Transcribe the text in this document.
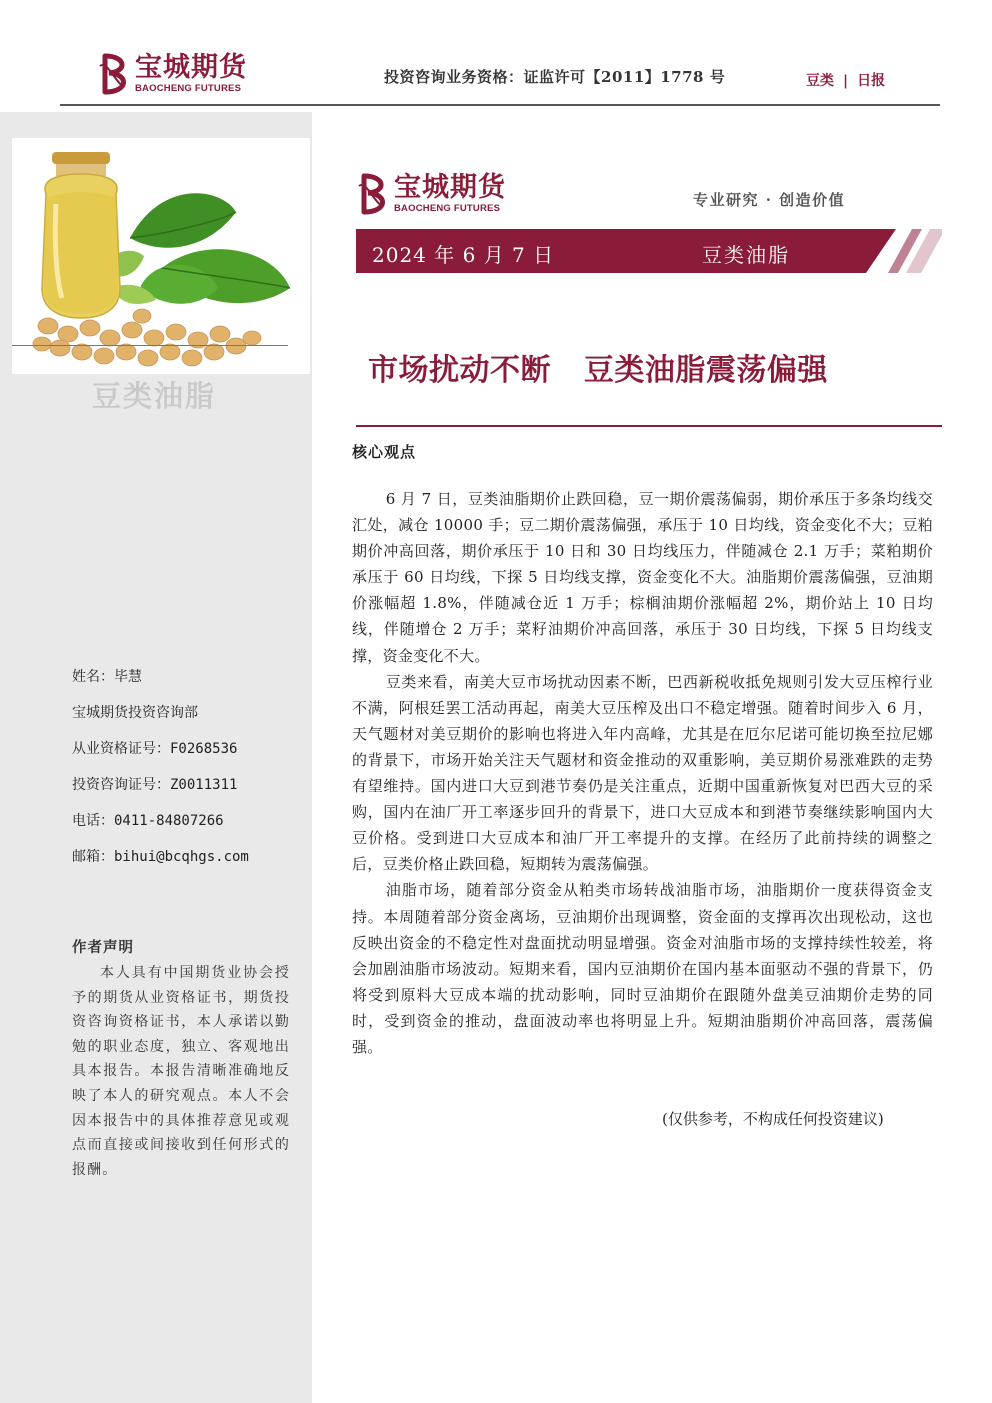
宝城期货
BAOCHENG FUTURES
投资咨询业务资格：证监许可【2011】1778 号	豆类 | 日报
豆类油脂
姓名：毕慧
宝城期货投资咨询部
从业资格证号：F0268536
投资咨询证号：Z0011311
电话：0411-84807266
邮箱：bihui@bcqhgs.com
作者声明
本人具有中国期货业协会授予的期货从业资格证书，期货投资咨询资格证书，本人承诺以勤勉的职业态度，独立、客观地出具本报告。本报告清晰准确地反映了本人的研究观点。本人不会因本报告中的具体推荐意见或观点而直接或间接收到任何形式的报酬。
宝城期货
BAOCHENG FUTURES	专业研究 · 创造价值
2024 年 6 月 7 日	豆类油脂
市场扰动不断   豆类油脂震荡偏强
核心观点

6 月 7 日，豆类油脂期价止跌回稳，豆一期价震荡偏弱，期价承压于多条均线交汇处，减仓 10000 手；豆二期价震荡偏强，承压于 10 日均线，资金变化不大；豆粕期价冲高回落，期价承压于 10 日和 30 日均线压力，伴随减仓 2.1 万手；菜粕期价承压于 60 日均线，下探 5 日均线支撑，资金变化不大。油脂期价震荡偏强，豆油期价涨幅超 1.8%，伴随减仓近 1 万手；棕榈油期价涨幅超 2%，期价站上 10 日均线，伴随增仓 2 万手；菜籽油期价冲高回落，承压于 30 日均线，下探 5 日均线支撑，资金变化不大。

豆类来看，南美大豆市场扰动因素不断，巴西新税收抵免规则引发大豆压榨行业不满，阿根廷罢工活动再起，南美大豆压榨及出口不稳定增强。随着时间步入 6 月，天气题材对美豆期价的影响也将进入年内高峰，尤其是在厄尔尼诺可能切换至拉尼娜的背景下，市场开始关注天气题材和资金推动的双重影响，美豆期价易涨难跌的走势有望维持。国内进口大豆到港节奏仍是关注重点，近期中国重新恢复对巴西大豆的采购，国内在油厂开工率逐步回升的背景下，进口大豆成本和到港节奏继续影响国内大豆价格。受到进口大豆成本和油厂开工率提升的支撑。在经历了此前持续的调整之后，豆类价格止跌回稳，短期转为震荡偏强。

油脂市场，随着部分资金从粕类市场转战油脂市场，油脂期价一度获得资金支持。本周随着部分资金离场，豆油期价出现调整，资金面的支撑再次出现松动，这也反映出资金的不稳定性对盘面扰动明显增强。资金对油脂市场的支撑持续性较差，将会加剧油脂市场波动。短期来看，国内豆油期价在国内基本面驱动不强的背景下，仍将受到原料大豆成本端的扰动影响，同时豆油期价在跟随外盘美豆油期价走势的同时，受到资金的推动，盘面波动率也将明显上升。短期油脂期价冲高回落，震荡偏强。

(仅供参考，不构成任何投资建议)
